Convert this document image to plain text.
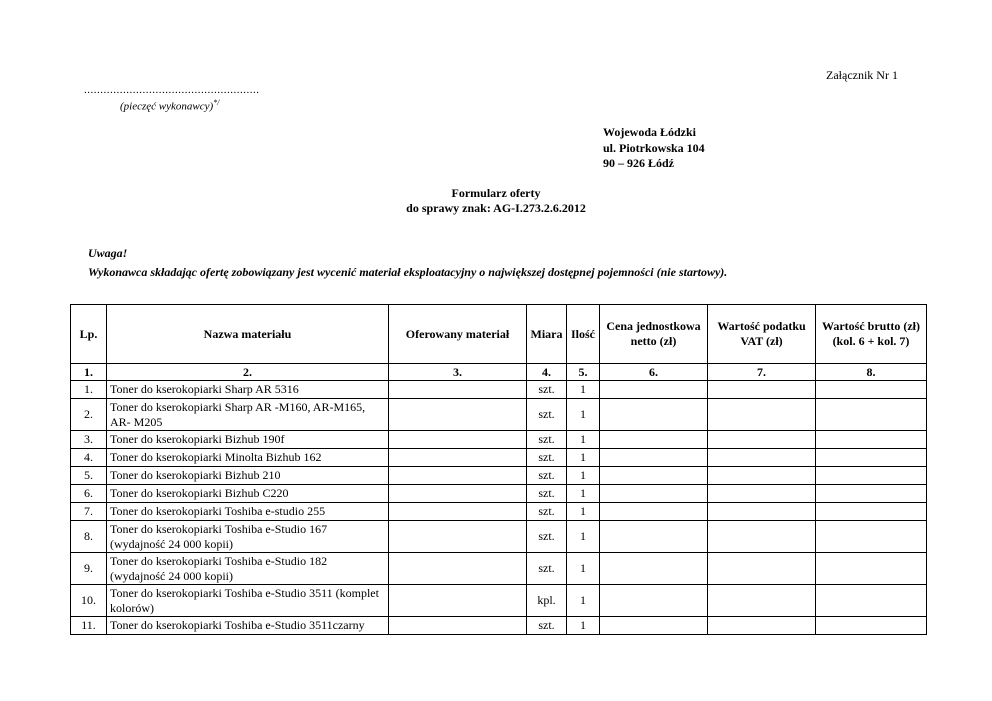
Załącznik Nr 1
......................................................
(pieczęć wykonawcy)*/
Wojewoda Łódzki
ul. Piotrkowska 104
90 – 926 Łódź
Formularz oferty
do sprawy znak: AG-I.273.2.6.2012
Uwaga!
Wykonawca składając ofertę zobowiązany jest wycenić materiał eksploatacyjny o największej dostępnej pojemności (nie startowy).
Lp.	Nazwa materiału	Oferowany materiał	Miara	Ilość	Cena jednostkowa netto (zł)	Wartość podatku VAT (zł)	Wartość brutto (zł) (kol. 6 + kol. 7)
1.	2.	3.	4.	5.	6.	7.	8.
1.	Toner do kserokopiarki Sharp AR 5316		szt.	1			
2.	Toner do kserokopiarki Sharp AR -M160, AR-M165, AR- M205		szt.	1			
3.	Toner do kserokopiarki Bizhub 190f		szt.	1			
4.	Toner do kserokopiarki Minolta Bizhub 162		szt.	1			
5.	Toner do kserokopiarki Bizhub 210		szt.	1			
6.	Toner do kserokopiarki Bizhub C220		szt.	1			
7.	Toner do kserokopiarki Toshiba e-studio 255		szt.	1			
8.	Toner do kserokopiarki Toshiba e-Studio 167 (wydajność 24 000 kopii)		szt.	1			
9.	Toner do kserokopiarki Toshiba e-Studio 182 (wydajność 24 000 kopii)		szt.	1			
10.	Toner do kserokopiarki Toshiba e-Studio 3511 (komplet kolorów)		kpl.	1			
11.	Toner do kserokopiarki Toshiba e-Studio 3511czarny		szt.	1			
